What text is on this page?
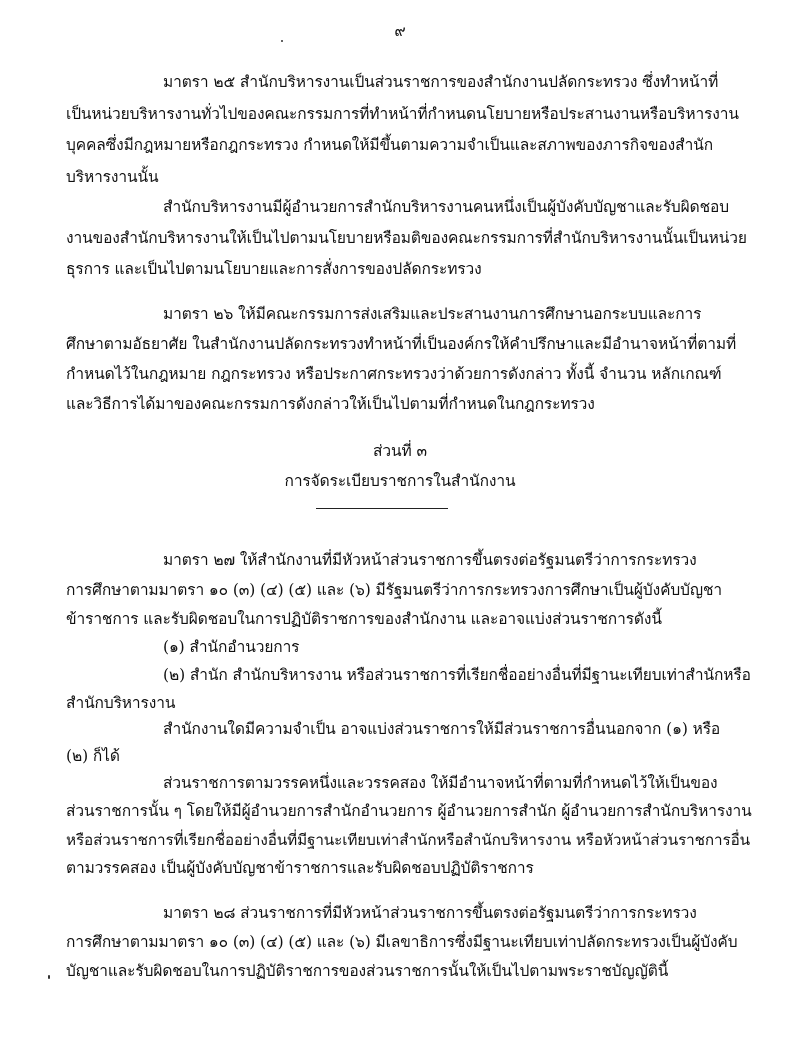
๙
มาตรา ๒๕ สำนักบริหารงานเป็นส่วนราชการของสำนักงานปลัดกระทรวง ซึ่งทำหน้าที่
เป็นหน่วยบริหารงานทั่วไปของคณะกรรมการที่ทำหน้าที่กำหนดนโยบายหรือประสานงานหรือบริหารงาน
บุคคลซึ่งมีกฎหมายหรือกฎกระทรวง กำหนดให้มีขึ้นตามความจำเป็นและสภาพของภารกิจของสำนัก
บริหารงานนั้น
สำนักบริหารงานมีผู้อำนวยการสำนักบริหารงานคนหนึ่งเป็นผู้บังคับบัญชาและรับผิดชอบ
งานของสำนักบริหารงานให้เป็นไปตามนโยบายหรือมติของคณะกรรมการที่สำนักบริหารงานนั้นเป็นหน่วย
ธุรการ และเป็นไปตามนโยบายและการสั่งการของปลัดกระทรวง
มาตรา ๒๖ ให้มีคณะกรรมการส่งเสริมและประสานงานการศึกษานอกระบบและการ
ศึกษาตามอัธยาศัย ในสำนักงานปลัดกระทรวงทำหน้าที่เป็นองค์กรให้คำปรึกษาและมีอำนาจหน้าที่ตามที่
กำหนดไว้ในกฎหมาย กฎกระทรวง หรือประกาศกระทรวงว่าด้วยการดังกล่าว ทั้งนี้ จำนวน หลักเกณฑ์
และวิธีการได้มาของคณะกรรมการดังกล่าวให้เป็นไปตามที่กำหนดในกฎกระทรวง
ส่วนที่ ๓
การจัดระเบียบราชการในสำนักงาน
มาตรา ๒๗ ให้สำนักงานที่มีหัวหน้าส่วนราชการขึ้นตรงต่อรัฐมนตรีว่าการกระทรวง
การศึกษาตามมาตรา ๑๐ (๓) (๔) (๕) และ (๖) มีรัฐมนตรีว่าการกระทรวงการศึกษาเป็นผู้บังคับบัญชา
ข้าราชการ และรับผิดชอบในการปฏิบัติราชการของสำนักงาน และอาจแบ่งส่วนราชการดังนี้
(๑) สำนักอำนวยการ
(๒) สำนัก สำนักบริหารงาน หรือส่วนราชการที่เรียกชื่ออย่างอื่นที่มีฐานะเทียบเท่าสำนักหรือ
สำนักบริหารงาน
สำนักงานใดมีความจำเป็น อาจแบ่งส่วนราชการให้มีส่วนราชการอื่นนอกจาก (๑) หรือ
(๒) ก็ได้
ส่วนราชการตามวรรคหนึ่งและวรรคสอง ให้มีอำนาจหน้าที่ตามที่กำหนดไว้ให้เป็นของ
ส่วนราชการนั้น ๆ โดยให้มีผู้อำนวยการสำนักอำนวยการ ผู้อำนวยการสำนัก ผู้อำนวยการสำนักบริหารงาน
หรือส่วนราชการที่เรียกชื่ออย่างอื่นที่มีฐานะเทียบเท่าสำนักหรือสำนักบริหารงาน หรือหัวหน้าส่วนราชการอื่น
ตามวรรคสอง เป็นผู้บังคับบัญชาข้าราชการและรับผิดชอบปฏิบัติราชการ
มาตรา ๒๘ ส่วนราชการที่มีหัวหน้าส่วนราชการขึ้นตรงต่อรัฐมนตรีว่าการกระทรวง
การศึกษาตามมาตรา ๑๐ (๓) (๔) (๕) และ (๖) มีเลขาธิการซึ่งมีฐานะเทียบเท่าปลัดกระทรวงเป็นผู้บังคับ
บัญชาและรับผิดชอบในการปฏิบัติราชการของส่วนราชการนั้นให้เป็นไปตามพระราชบัญญัตินี้
